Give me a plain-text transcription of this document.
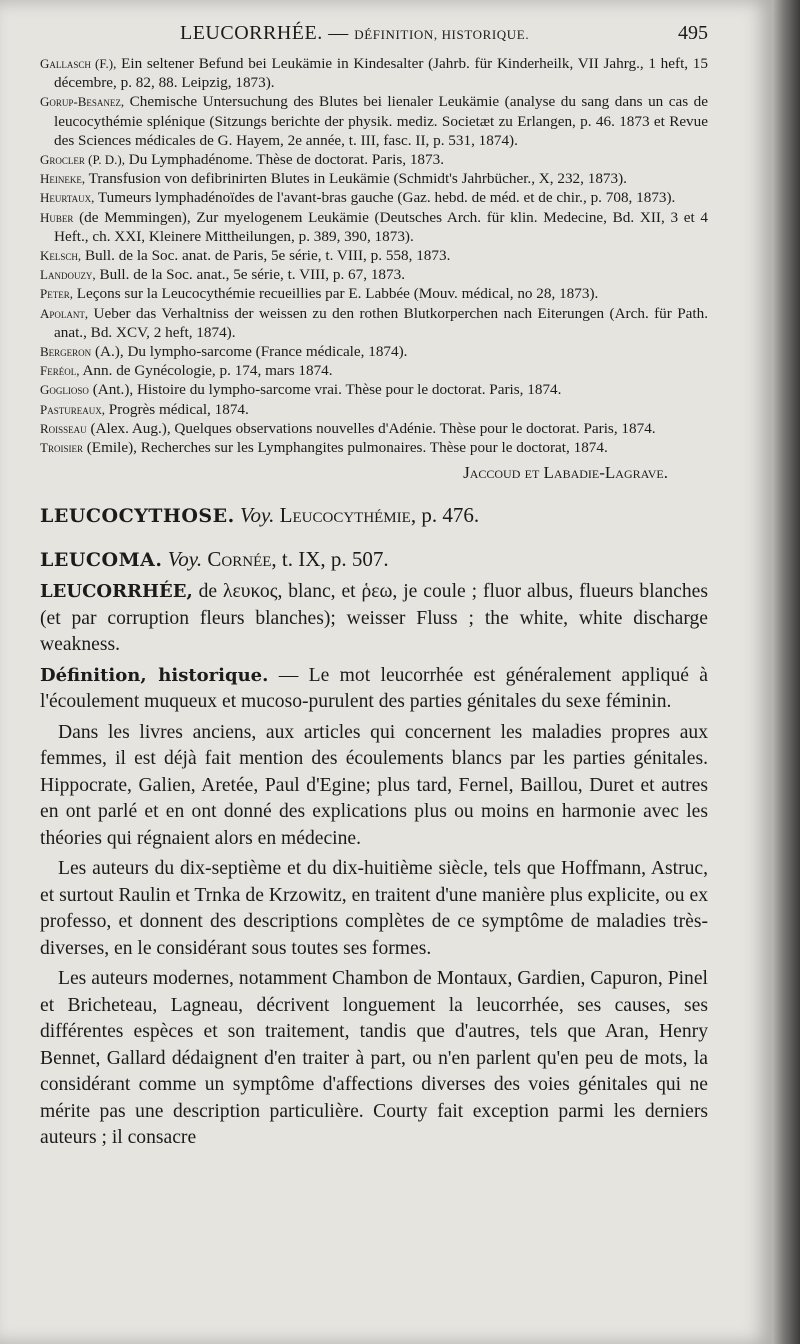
LEUCORRHÉE. — DÉFINITION, HISTORIQUE.	495
Gallasch (F.), Ein seltener Befund bei Leukämie in Kindesalter (Jahrb. für Kinderheilk, VII Jahrg., 1 heft, 15 décembre, p. 82, 88. Leipzig, 1873).
Gorup-Besanez, Chemische Untersuchung des Blutes bei lienaler Leukämie (analyse du sang dans un cas de leucocythémie splénique (Sitzungs berichte der physik. mediz. Societæt zu Erlangen, p. 46. 1873 et Revue des Sciences médicales de G. Hayem, 2e année, t. III, fasc. II, p. 531, 1874).
Grocler (P. D.), Du Lymphadénome. Thèse de doctorat. Paris, 1873.
Heineke, Transfusion von defibrinirten Blutes in Leukämie (Schmidt's Jahrbücher., X, 232, 1873).
Heurtaux, Tumeurs lymphadénoïdes de l'avant-bras gauche (Gaz. hebd. de méd. et de chir., p. 708, 1873).
Huber (de Memmingen), Zur myelogenem Leukämie (Deutsches Arch. für klin. Medecine, Bd. XII, 3 et 4 Heft., ch. XXI, Kleinere Mittheilungen, p. 389, 390, 1873).
Kelsch, Bull. de la Soc. anat. de Paris, 5e série, t. VIII, p. 558, 1873.
Landouzy, Bull. de la Soc. anat., 5e série, t. VIII, p. 67, 1873.
Peter, Leçons sur la Leucocythémie recueillies par E. Labbée (Mouv. médical, no 28, 1873).
Apolant, Ueber das Verhaltniss der weissen zu den rothen Blutkorperchen nach Eiterungen (Arch. für Path. anat., Bd. XCV, 2 heft, 1874).
Bergeron (A.), Du lympho-sarcome (France médicale, 1874).
Feréol, Ann. de Gynécologie, p. 174, mars 1874.
Goglioso (Ant.), Histoire du lympho-sarcome vrai. Thèse pour le doctorat. Paris, 1874.
Pastureaux, Progrès médical, 1874.
Roisseau (Alex. Aug.), Quelques observations nouvelles d'Adénie. Thèse pour le doctorat. Paris, 1874.
Troisier (Emile), Recherches sur les Lymphangites pulmonaires. Thèse pour le doctorat, 1874.
Jaccoud et Labadie-Lagrave.
LEUCOCYTHOSE. Voy. Leucocythémie, p. 476.
LEUCOMA. Voy. Cornée, t. IX, p. 507.

LEUCORRHÉE, de λευκος, blanc, et ῥεω, je coule ; fluor albus, flueurs blanches (et par corruption fleurs blanches); weisser Fluss ; the white, white discharge weakness.

Définition, historique. — Le mot leucorrhée est généralement appliqué à l'écoulement muqueux et mucoso-purulent des parties génitales du sexe féminin.

Dans les livres anciens, aux articles qui concernent les maladies propres aux femmes, il est déjà fait mention des écoulements blancs par les parties génitales. Hippocrate, Galien, Aretée, Paul d'Egine; plus tard, Fernel, Baillou, Duret et autres en ont parlé et en ont donné des explications plus ou moins en harmonie avec les théories qui régnaient alors en médecine.

Les auteurs du dix-septième et du dix-huitième siècle, tels que Hoffmann, Astruc, et surtout Raulin et Trnka de Krzowitz, en traitent d'une manière plus explicite, ou ex professo, et donnent des descriptions complètes de ce symptôme de maladies très-diverses, en le considérant sous toutes ses formes.

Les auteurs modernes, notamment Chambon de Montaux, Gardien, Capuron, Pinel et Bricheteau, Lagneau, décrivent longuement la leucorrhée, ses causes, ses différentes espèces et son traitement, tandis que d'autres, tels que Aran, Henry Bennet, Gallard dédaignent d'en traiter à part, ou n'en parlent qu'en peu de mots, la considérant comme un symptôme d'affections diverses des voies génitales qui ne mérite pas une description particulière. Courty fait exception parmi les derniers auteurs ; il consacre
